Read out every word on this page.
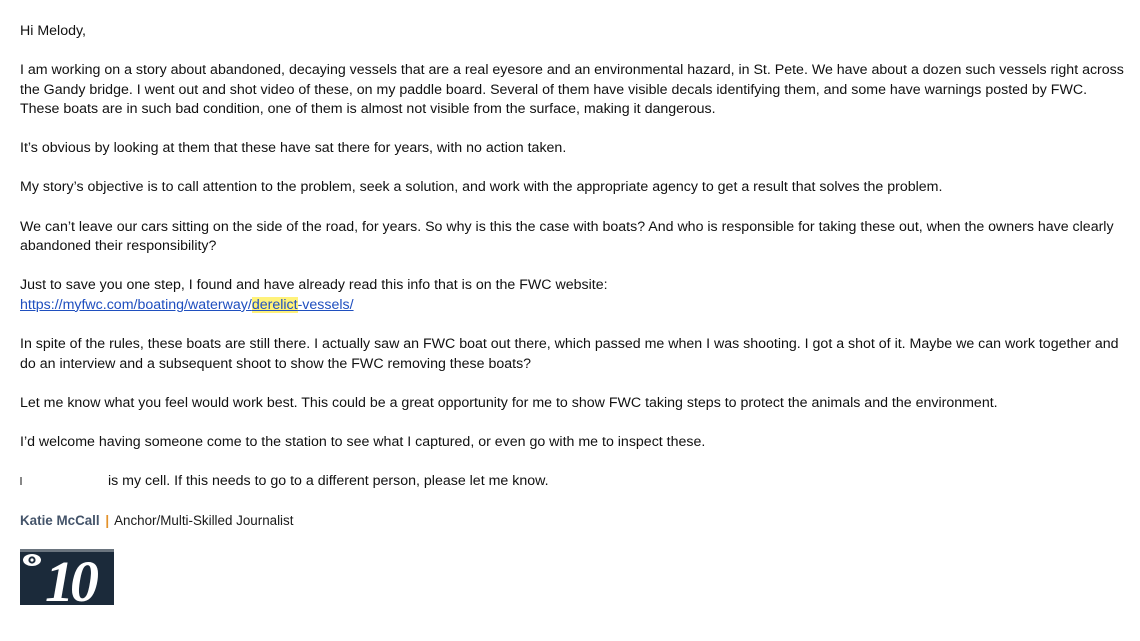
Hi Melody,

I am working on a story about abandoned, decaying vessels that are a real eyesore and an environmental hazard, in St. Pete. We have about a dozen such vessels right across the Gandy bridge. I went out and shot video of these, on my paddle board. Several of them have visible decals identifying them, and some have warnings posted by FWC. These boats are in such bad condition, one of them is almost not visible from the surface, making it dangerous.

It’s obvious by looking at them that these have sat there for years, with no action taken.

My story’s objective is to call attention to the problem, seek a solution, and work with the appropriate agency to get a result that solves the problem.

We can’t leave our cars sitting on the side of the road, for years. So why is this the case with boats? And who is responsible for taking these out, when the owners have clearly abandoned their responsibility?

Just to save you one step, I found and have already read this info that is on the FWC website:
https://myfwc.com/boating/waterway/derelict-vessels/

In spite of the rules, these boats are still there. I actually saw an FWC boat out there, which passed me when I was shooting. I got a shot of it. Maybe we can work together and do an interview and a subsequent shoot to show the FWC removing these boats?

Let me know what you feel would work best. This could be a great opportunity for me to show FWC taking steps to protect the animals and the environment.

I’d welcome having someone come to the station to see what I captured, or even go with me to inspect these.

is my cell. If this needs to go to a different person, please let me know.

Katie McCall | Anchor/Multi-Skilled Journalist
10
